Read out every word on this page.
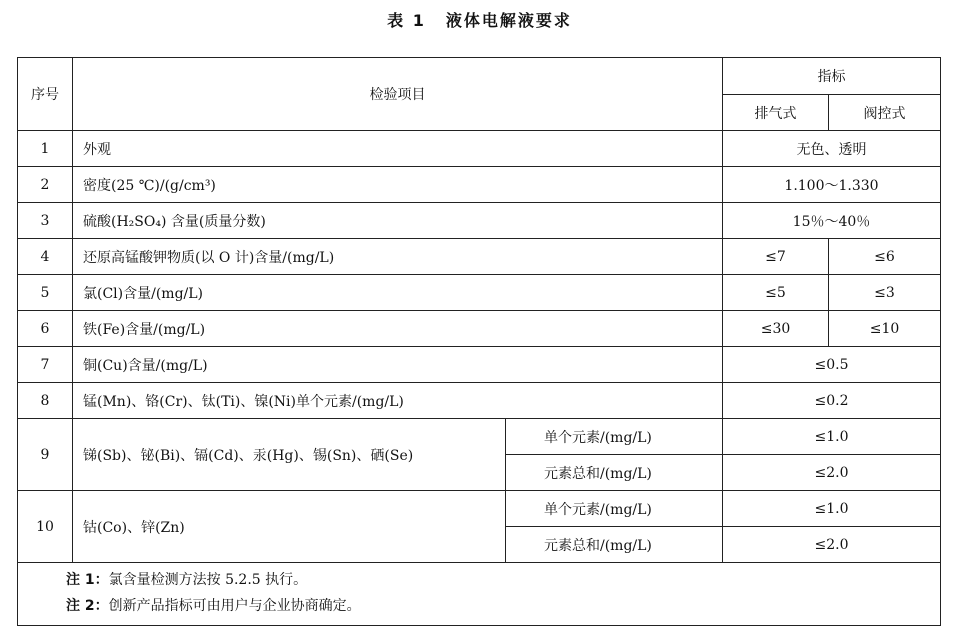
表 1 液体电解液要求
序号	检验项目		指标	
			排气式	阀控式
1	外观		无色、透明	
2	密度(25 ℃)/(g/cm³)		1.100～1.330	
3	硫酸(H₂SO₄) 含量(质量分数)		15％～40％	
4	还原高锰酸钾物质(以 O 计)含量/(mg/L)		≤7	≤6
5	氯(Cl)含量/(mg/L)		≤5	≤3
6	铁(Fe)含量/(mg/L)		≤30	≤10
7	铜(Cu)含量/(mg/L)		≤0.5	
8	锰(Mn)、铬(Cr)、钛(Ti)、镍(Ni)单个元素/(mg/L)		≤0.2	
9	锑(Sb)、铋(Bi)、镉(Cd)、汞(Hg)、锡(Sn)、硒(Se)	单个元素/(mg/L)	≤1.0	
		元素总和/(mg/L)	≤2.0	
10	钴(Co)、锌(Zn)	单个元素/(mg/L)	≤1.0	
		元素总和/(mg/L)	≤2.0	

注 1：氯含量检测方法按 5.2.5 执行。
注 2：创新产品指标可由用户与企业协商确定。				
